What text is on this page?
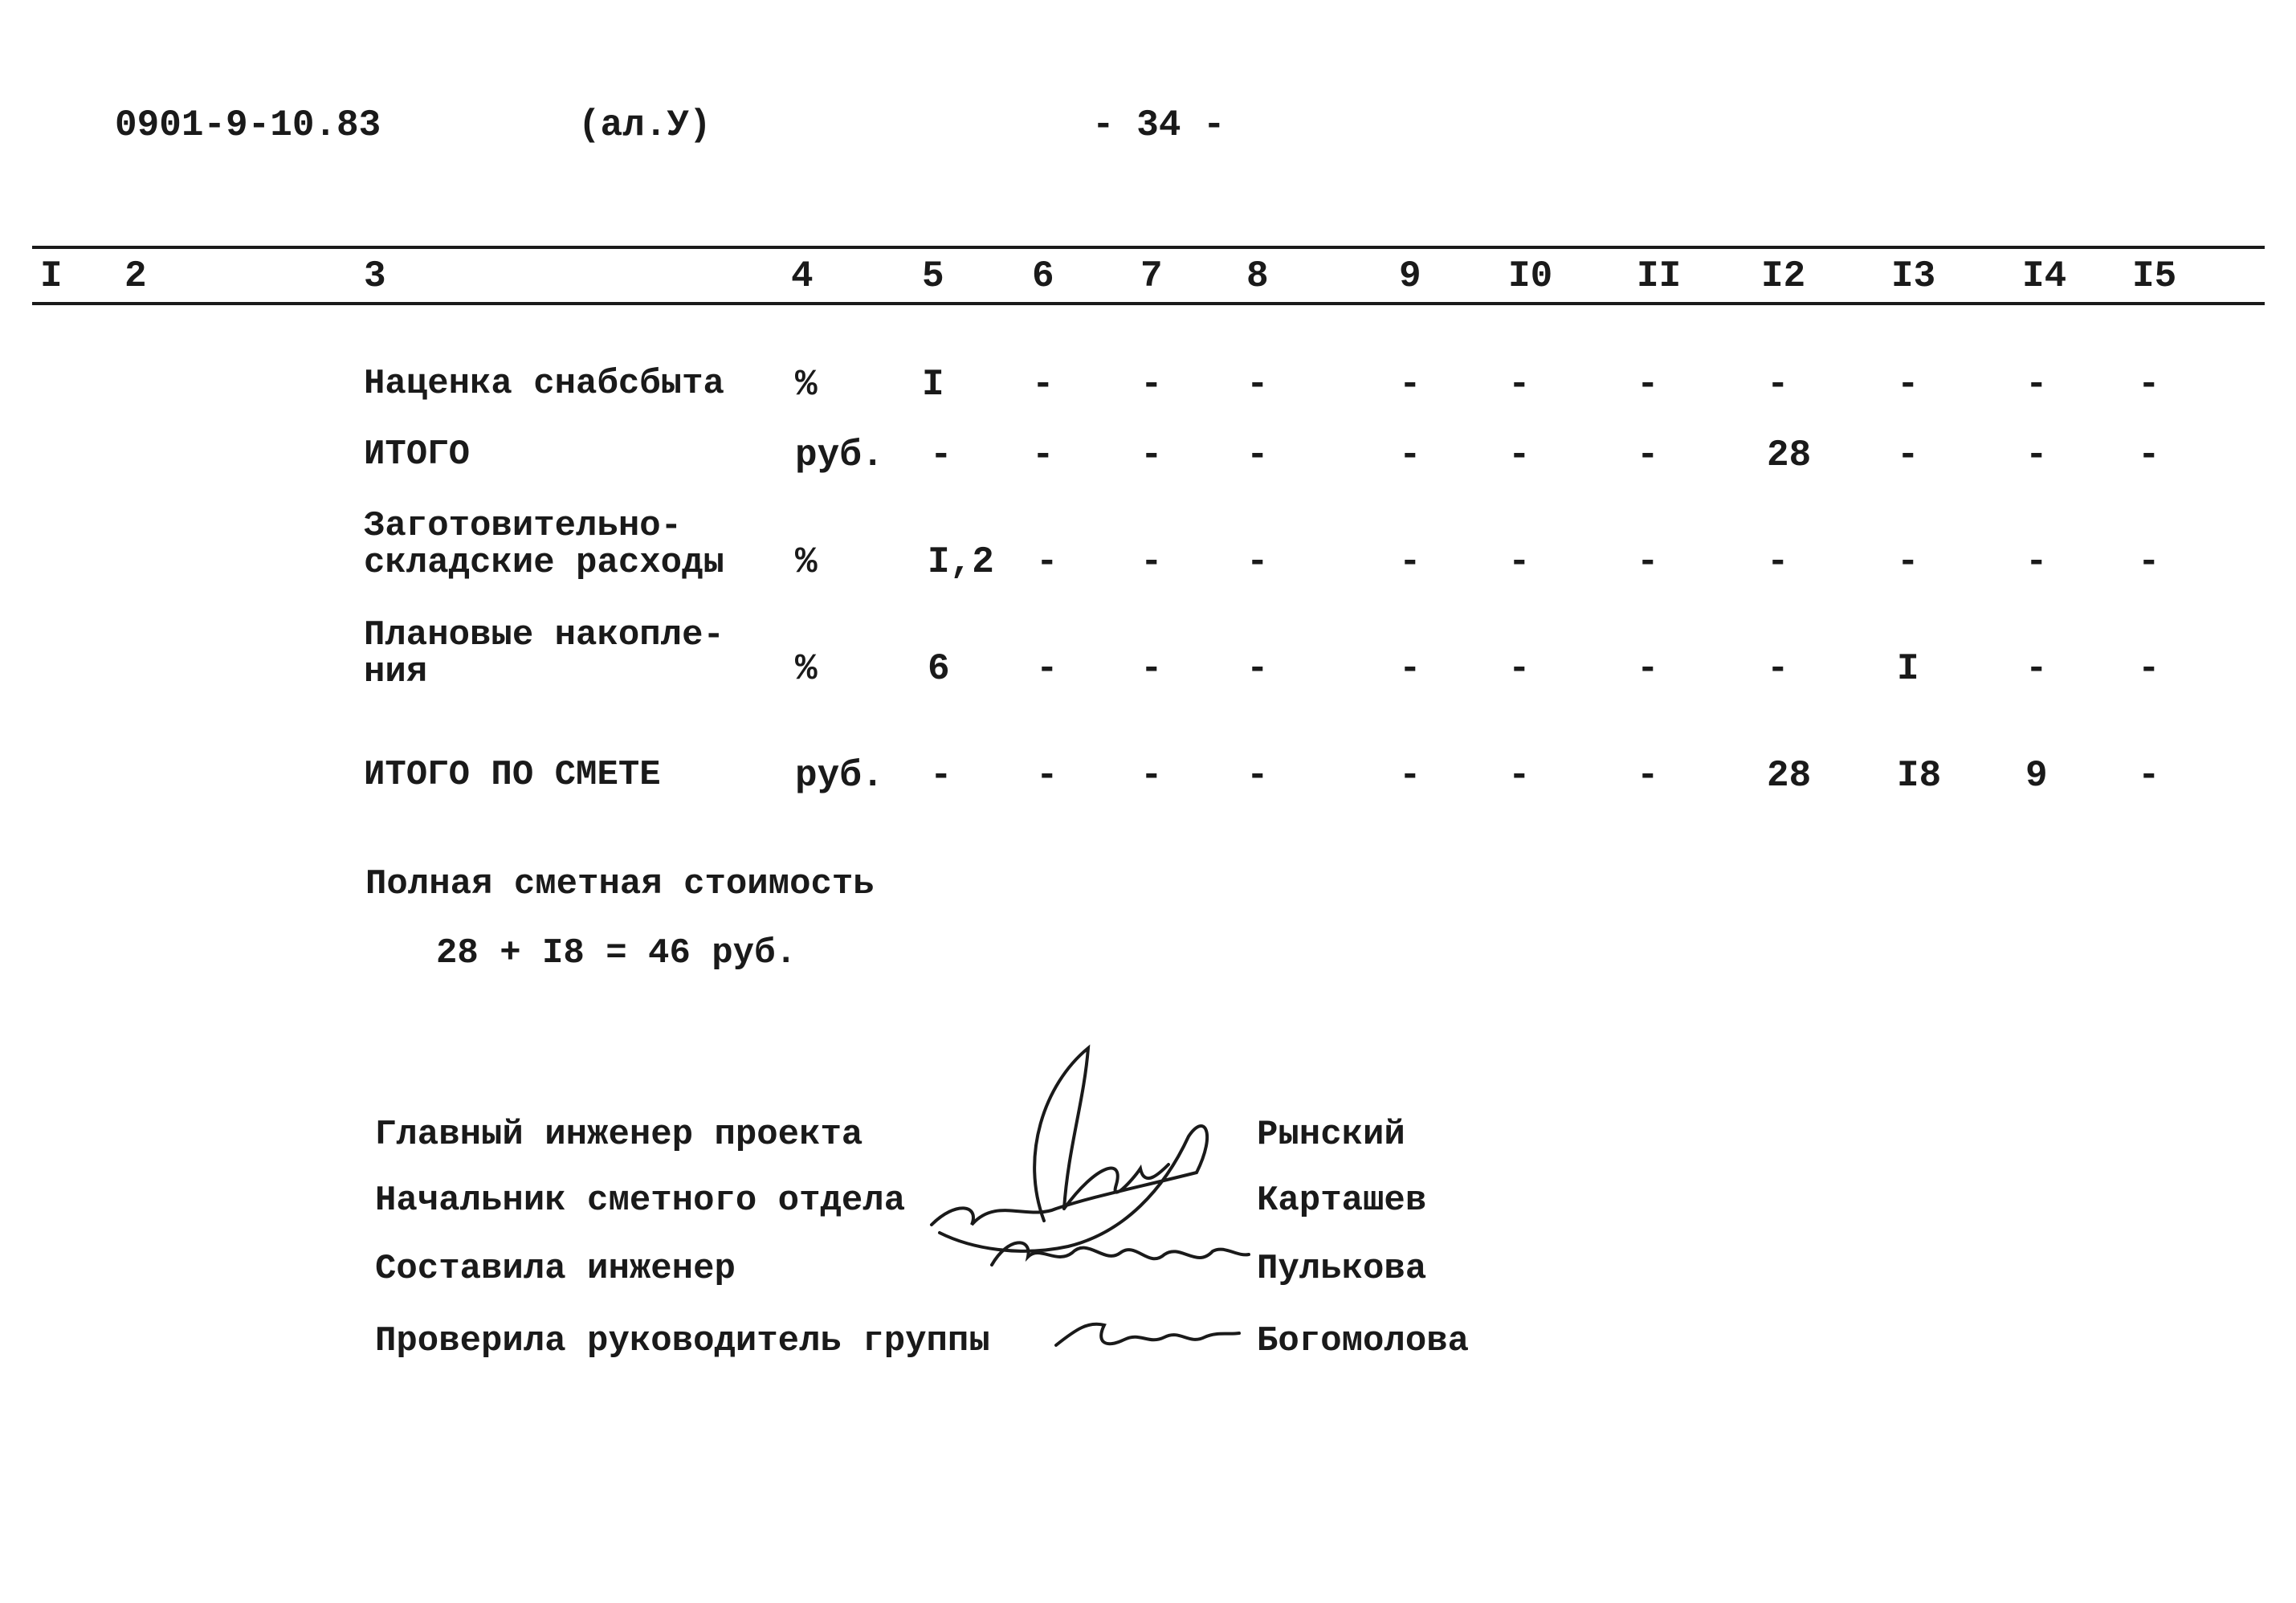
0901-9-10.83	(ал.У)	- 34 -
I 2	3	4	5 6 7 8	9 I0 II I2 I3 I4 I5
Наценка снабсбыта %	I - - -	- -	-	-	-	- -
ИТОГО	руб. - - - -	- -	-	28 -	- -
Заготовительно-
складские расходы %	I,2 - - -	- -	-	-	-	- -
Плановые накопле-
ния	%	6 - - -	- -	-	-	I	- -
ИТОГО ПО СМЕТЕ	руб. - - - -	- -	-	28 I8 9 -
Полная сметная стоимость
28 + I8 = 46 руб.
Главный инженер проекта	Рынский
Начальник сметного отдела	Карташев
Составила инженер	Пулькова
Проверила руководитель группы	Богомолова
